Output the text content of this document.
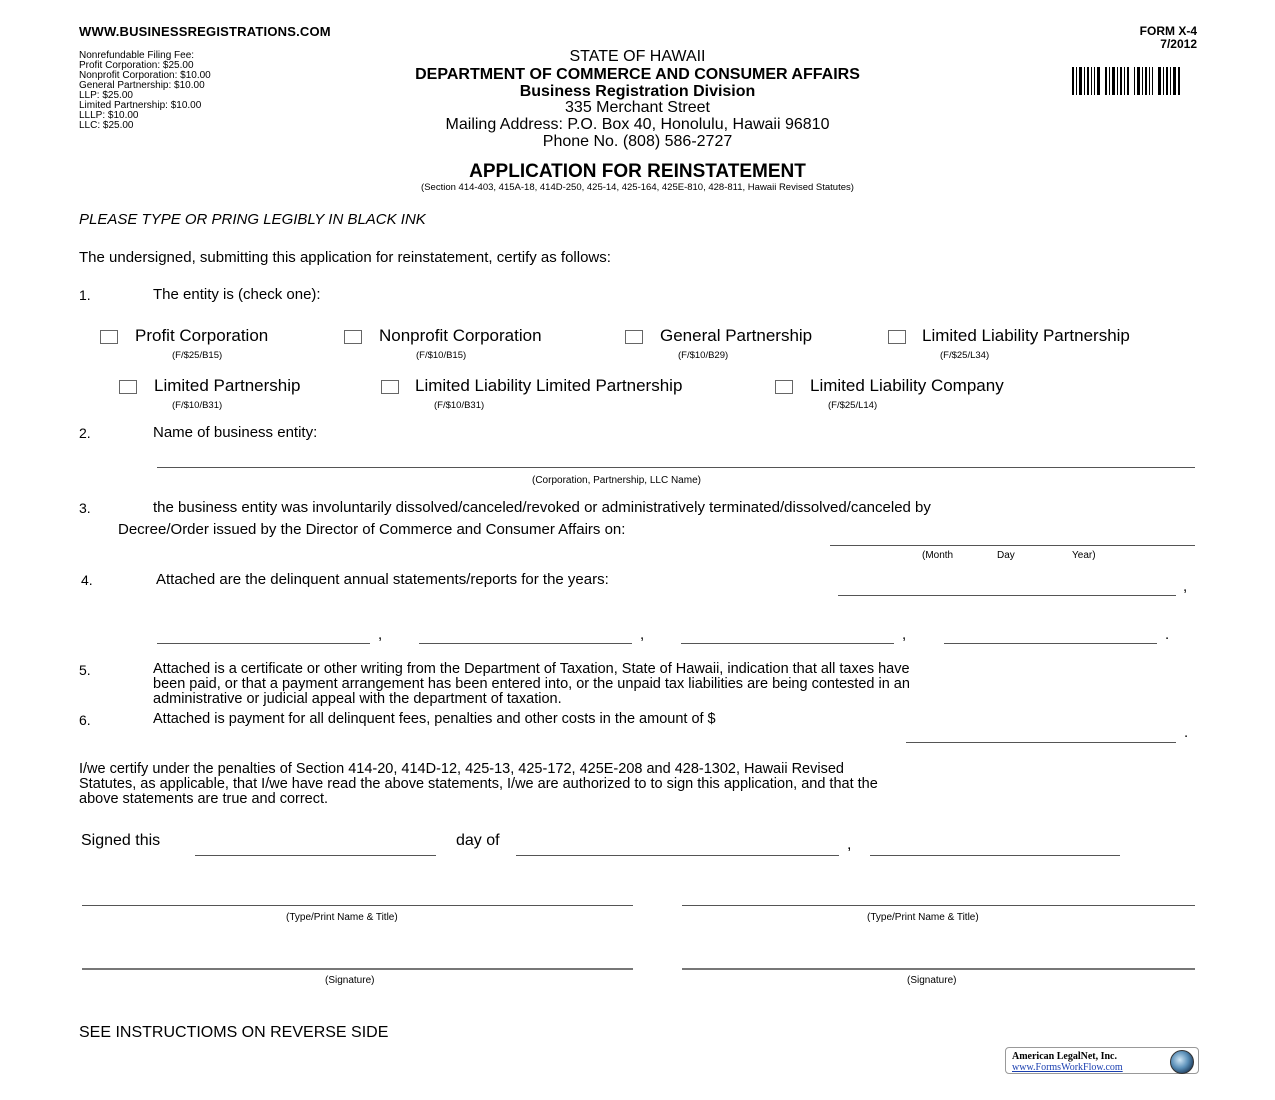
WWW.BUSINESSREGISTRATIONS.COM
Nonrefundable Filing Fee:
Profit Corporation: $25.00
Nonprofit Corporation: $10.00
General Partnership: $10.00
LLP: $25.00
Limited Partnership: $10.00
LLLP: $10.00
LLC: $25.00
FORM X-4
7/2012
STATE OF HAWAII
DEPARTMENT OF COMMERCE AND CONSUMER AFFAIRS
Business Registration Division
335 Merchant Street
Mailing Address: P.O. Box 40, Honolulu, Hawaii 96810
Phone No. (808) 586-2727
APPLICATION FOR REINSTATEMENT
(Section 414-403, 415A-18, 414D-250, 425-14, 425-164, 425E-810, 428-811, Hawaii Revised Statutes)
PLEASE TYPE OR PRING LEGIBLY IN BLACK INK
The undersigned, submitting this application for reinstatement, certify as follows:
1.	The entity is (check one):
Profit Corporation
(F/$25/B15)
Nonprofit Corporation
(F/$10/B15)
General Partnership
(F/$10/B29)
Limited Liability Partnership
(F/$25/L34)
Limited Partnership
(F/$10/B31)
Limited Liability Limited Partnership
(F/$10/B31)
Limited Liability Company
(F/$25/L14)
2.	Name of business entity:
(Corporation, Partnership, LLC Name)
3.	the business entity was involuntarily dissolved/canceled/revoked or administratively terminated/dissolved/canceled by
Decree/Order issued by the Director of Commerce and Consumer Affairs on:
(Month	Day	Year)
4.	Attached are the delinquent annual statements/reports for the years:	,
,	,	,	.
5.	Attached is a certificate or other writing from the Department of Taxation, State of Hawaii, indication that all taxes have
been paid, or that a payment arrangement has been entered into, or the unpaid tax liabilities are being contested in an
administrative or judicial appeal with the department of taxation.
6.	Attached is payment for all delinquent fees, penalties and other costs in the amount of $
.
I/we certify under the penalties of Section 414-20, 414D-12, 425-13, 425-172, 425E-208 and 428-1302, Hawaii Revised
Statutes, as applicable, that I/we have read the above statements, I/we are authorized to to sign this application, and that the
above statements are true and correct.
Signed this	day of	,
(Type/Print Name & Title)	(Type/Print Name & Title)
(Signature)	(Signature)
SEE INSTRUCTIOMS ON REVERSE SIDE
American LegalNet, Inc.
www.FormsWorkFlow.com
